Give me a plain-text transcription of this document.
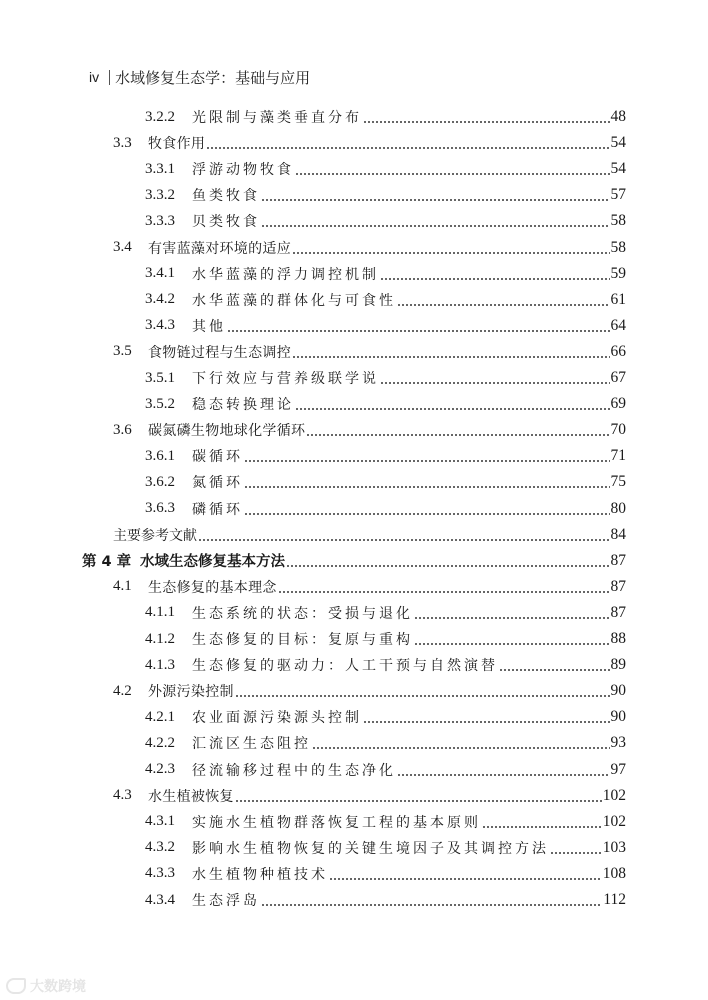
iv 水域修复生态学：基础与应用
3.2.2	光限制与藻类垂直分布	48
3.3	牧食作用	54
3.3.1	浮游动物牧食	54
3.3.2	鱼类牧食	57
3.3.3	贝类牧食	58
3.4	有害蓝藻对环境的适应	58
3.4.1	水华蓝藻的浮力调控机制	59
3.4.2	水华蓝藻的群体化与可食性	61
3.4.3	其他	64
3.5	食物链过程与生态调控	66
3.5.1	下行效应与营养级联学说	67
3.5.2	稳态转换理论	69
3.6	碳氮磷生物地球化学循环	70
3.6.1	碳循环	71
3.6.2	氮循环	75
3.6.3	磷循环	80
主要参考文献	84
第 4 章 水域生态修复基本方法	87
4.1	生态修复的基本理念	87
4.1.1	生态系统的状态：受损与退化	87
4.1.2	生态修复的目标：复原与重构	88
4.1.3	生态修复的驱动力：人工干预与自然演替	89
4.2	外源污染控制	90
4.2.1	农业面源污染源头控制	90
4.2.2	汇流区生态阻控	93
4.2.3	径流输移过程中的生态净化	97
4.3	水生植被恢复	102
4.3.1	实施水生植物群落恢复工程的基本原则	102
4.3.2	影响水生植物恢复的关键生境因子及其调控方法	103
4.3.3	水生植物种植技术	108
4.3.4	生态浮岛	112
大数跨境
